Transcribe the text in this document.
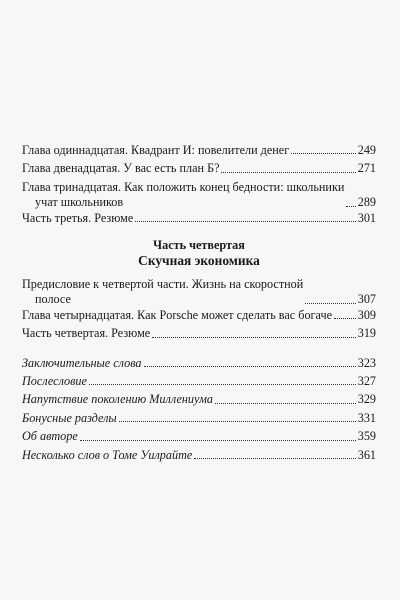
Глава одиннадцатая. Квадрант И: повелители денег	249
Глава двенадцатая. У вас есть план Б?	271
Глава тринадцатая. Как положить конец бедности: школьники
учат школьников	289
Часть третья. Резюме	301
Часть четвертая
Скучная экономика
Предисловие к четвертой части. Жизнь на скоростной
полосе	307
Глава четырнадцатая. Как Porsche может сделать вас богаче 309
Часть четвертая. Резюме	319
Заключительные слова	323
Послесловие	327
Напутствие поколению Миллениума	329
Бонусные разделы	331
Об авторе	359
Несколько слов о Томе Уилрайте	361
